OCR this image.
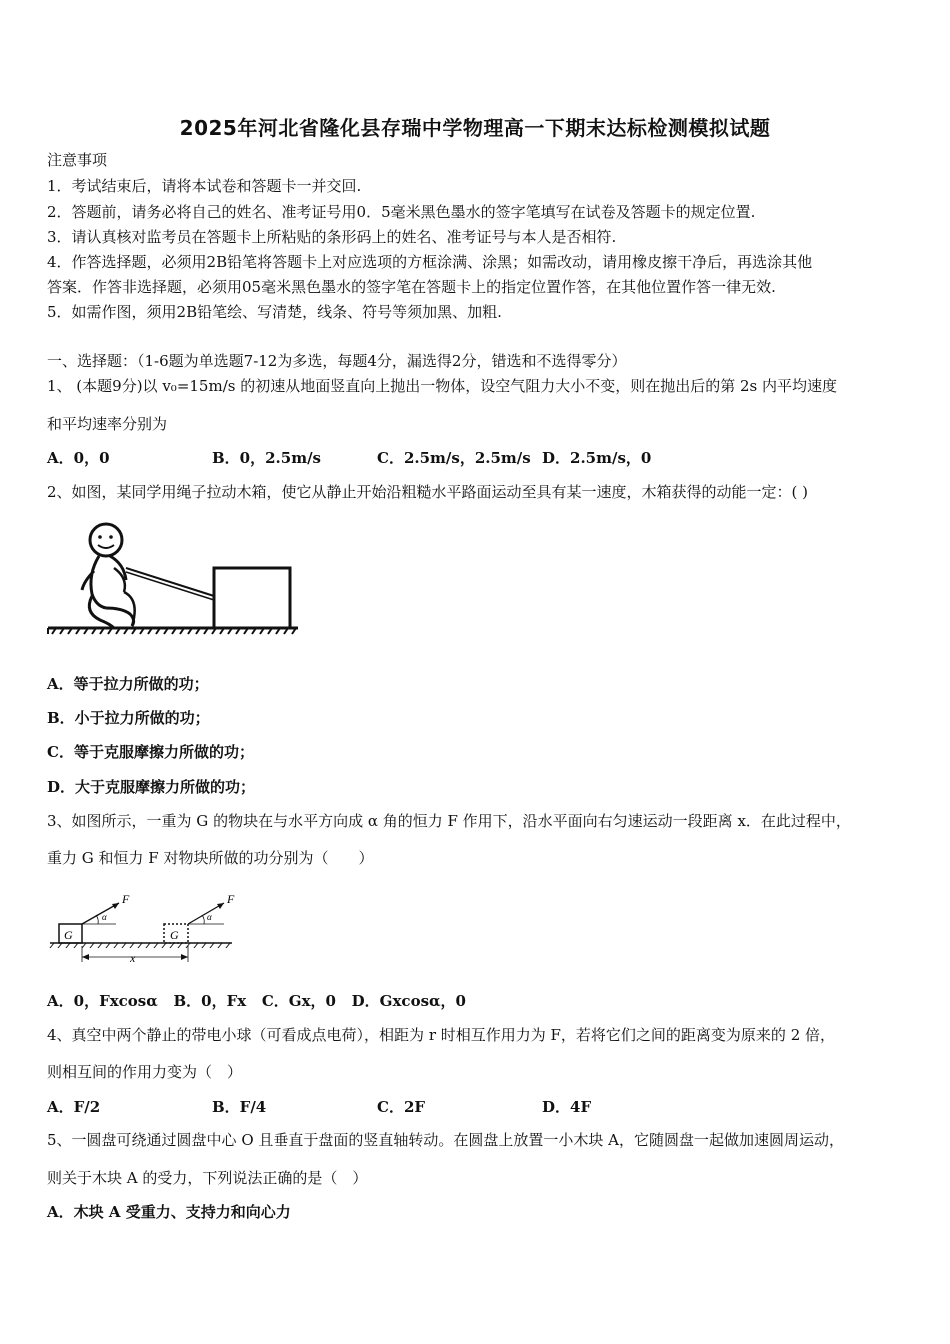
2025年河北省隆化县存瑞中学物理高一下期末达标检测模拟试题
注意事项
1．考试结束后，请将本试卷和答题卡一并交回.
2．答题前，请务必将自己的姓名、准考证号用0．5毫米黑色墨水的签字笔填写在试卷及答题卡的规定位置.
3．请认真核对监考员在答题卡上所粘贴的条形码上的姓名、准考证号与本人是否相符.
4．作答选择题，必须用2B铅笔将答题卡上对应选项的方框涂满、涂黑；如需改动，请用橡皮擦干净后，再选涂其他
答案．作答非选择题，必须用05毫米黑色墨水的签字笔在答题卡上的指定位置作答，在其他位置作答一律无效.
5．如需作图，须用2B铅笔绘、写清楚，线条、符号等须加黑、加粗.
一、选择题：（1-6题为单选题7-12为多选，每题4分，漏选得2分，错选和不选得零分）
1、 (本题9分)以 v₀=15m/s 的初速从地面竖直向上抛出一物体，设空气阻力大小不变，则在抛出后的第 2s 内平均速度
和平均速率分别为
A．0，0	B．0，2.5m/s	C．2.5m/s，2.5m/s D．2.5m/s，0
2、如图，某同学用绳子拉动木箱，使它从静止开始沿粗糙水平路面运动至具有某一速度，木箱获得的动能一定：( )
A．等于拉力所做的功；
B．小于拉力所做的功；
C．等于克服摩擦力所做的功；
D．大于克服摩擦力所做的功；
3、如图所示，一重为 G 的物块在与水平方向成 α 角的恒力 F 作用下，沿水平面向右匀速运动一段距离 x．在此过程中，
重力 G 和恒力 F 对物块所做的功分别为（　　）
G
α
F
G
α
F
x
A．0，Fxcosα B．0，Fx C．Gx，0 D．Gxcosα，0
4、真空中两个静止的带电小球（可看成点电荷），相距为 r 时相互作用力为 F，若将它们之间的距离变为原来的 2 倍，
则相互间的作用力变为（　）
A．F/2	B．F/4	C．2F	D．4F
5、一圆盘可绕通过圆盘中心 O 且垂直于盘面的竖直轴转动。在圆盘上放置一小木块 A，它随圆盘一起做加速圆周运动，
则关于木块 A 的受力，下列说法正确的是（　）
A．木块 A 受重力、支持力和向心力
